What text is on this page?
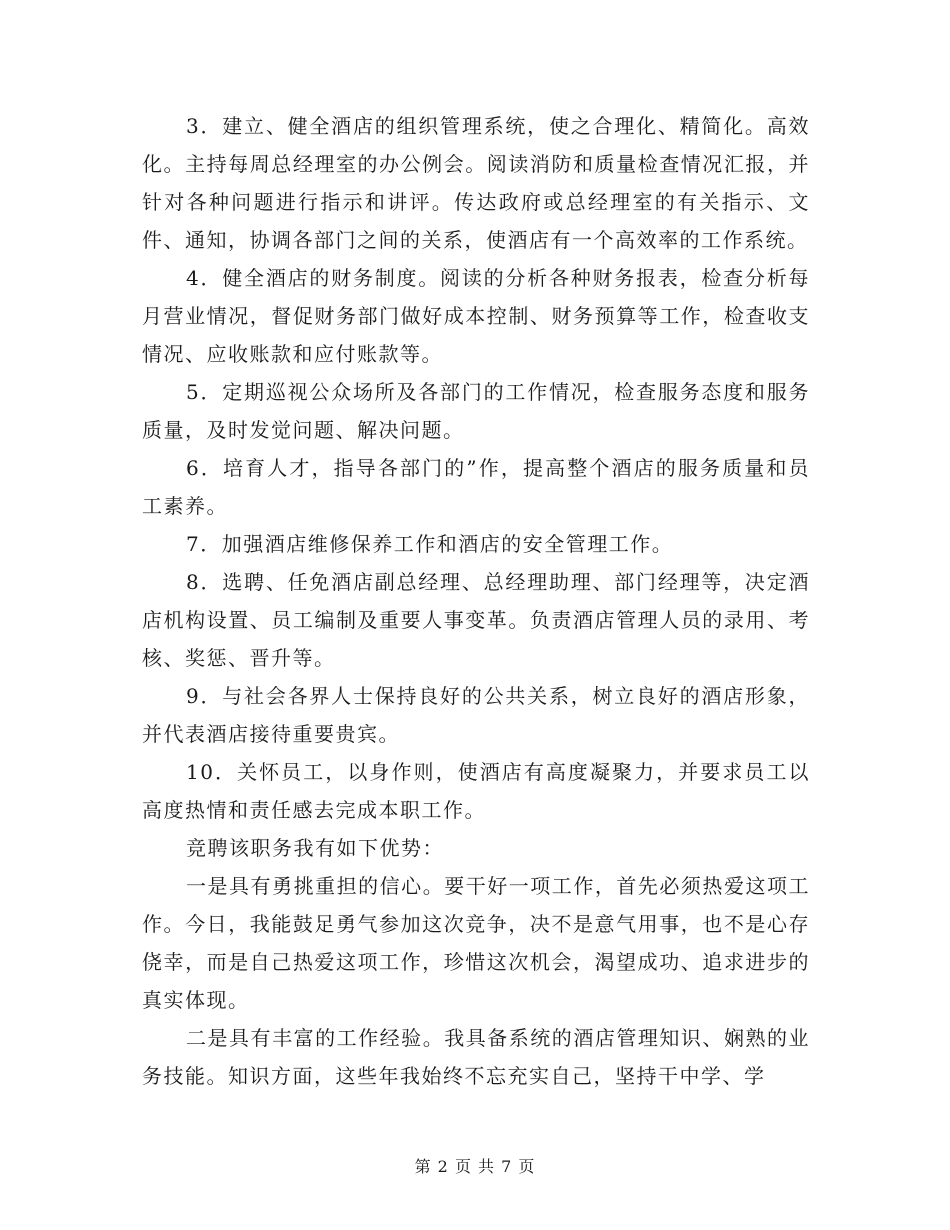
3．建立、健全酒店的组织管理系统，使之合理化、精简化。高效化。主持每周总经理室的办公例会。阅读消防和质量检查情况汇报，并针对各种问题进行指示和讲评。传达政府或总经理室的有关指示、文件、通知，协调各部门之间的关系，使酒店有一个高效率的工作系统。

4．健全酒店的财务制度。阅读的分析各种财务报表，检查分析每月营业情况，督促财务部门做好成本控制、财务预算等工作，检查收支情况、应收账款和应付账款等。

5．定期巡视公众场所及各部门的工作情况，检查服务态度和服务质量，及时发觉问题、解决问题。

6．培育人才，指导各部门的”作，提高整个酒店的服务质量和员工素养。

7．加强酒店维修保养工作和酒店的安全管理工作。

8．选聘、任免酒店副总经理、总经理助理、部门经理等，决定酒店机构设置、员工编制及重要人事变革。负责酒店管理人员的录用、考核、奖惩、晋升等。

9．与社会各界人士保持良好的公共关系，树立良好的酒店形象，并代表酒店接待重要贵宾。

10．关怀员工，以身作则，使酒店有高度凝聚力，并要求员工以高度热情和责任感去完成本职工作。

竞聘该职务我有如下优势：

一是具有勇挑重担的信心。要干好一项工作，首先必须热爱这项工作。今日，我能鼓足勇气参加这次竞争，决不是意气用事，也不是心存侥幸，而是自己热爱这项工作，珍惜这次机会，渴望成功、追求进步的真实体现。

二是具有丰富的工作经验。我具备系统的酒店管理知识、娴熟的业务技能。知识方面，这些年我始终不忘充实自己，坚持干中学、学

第 2 页 共 7 页
